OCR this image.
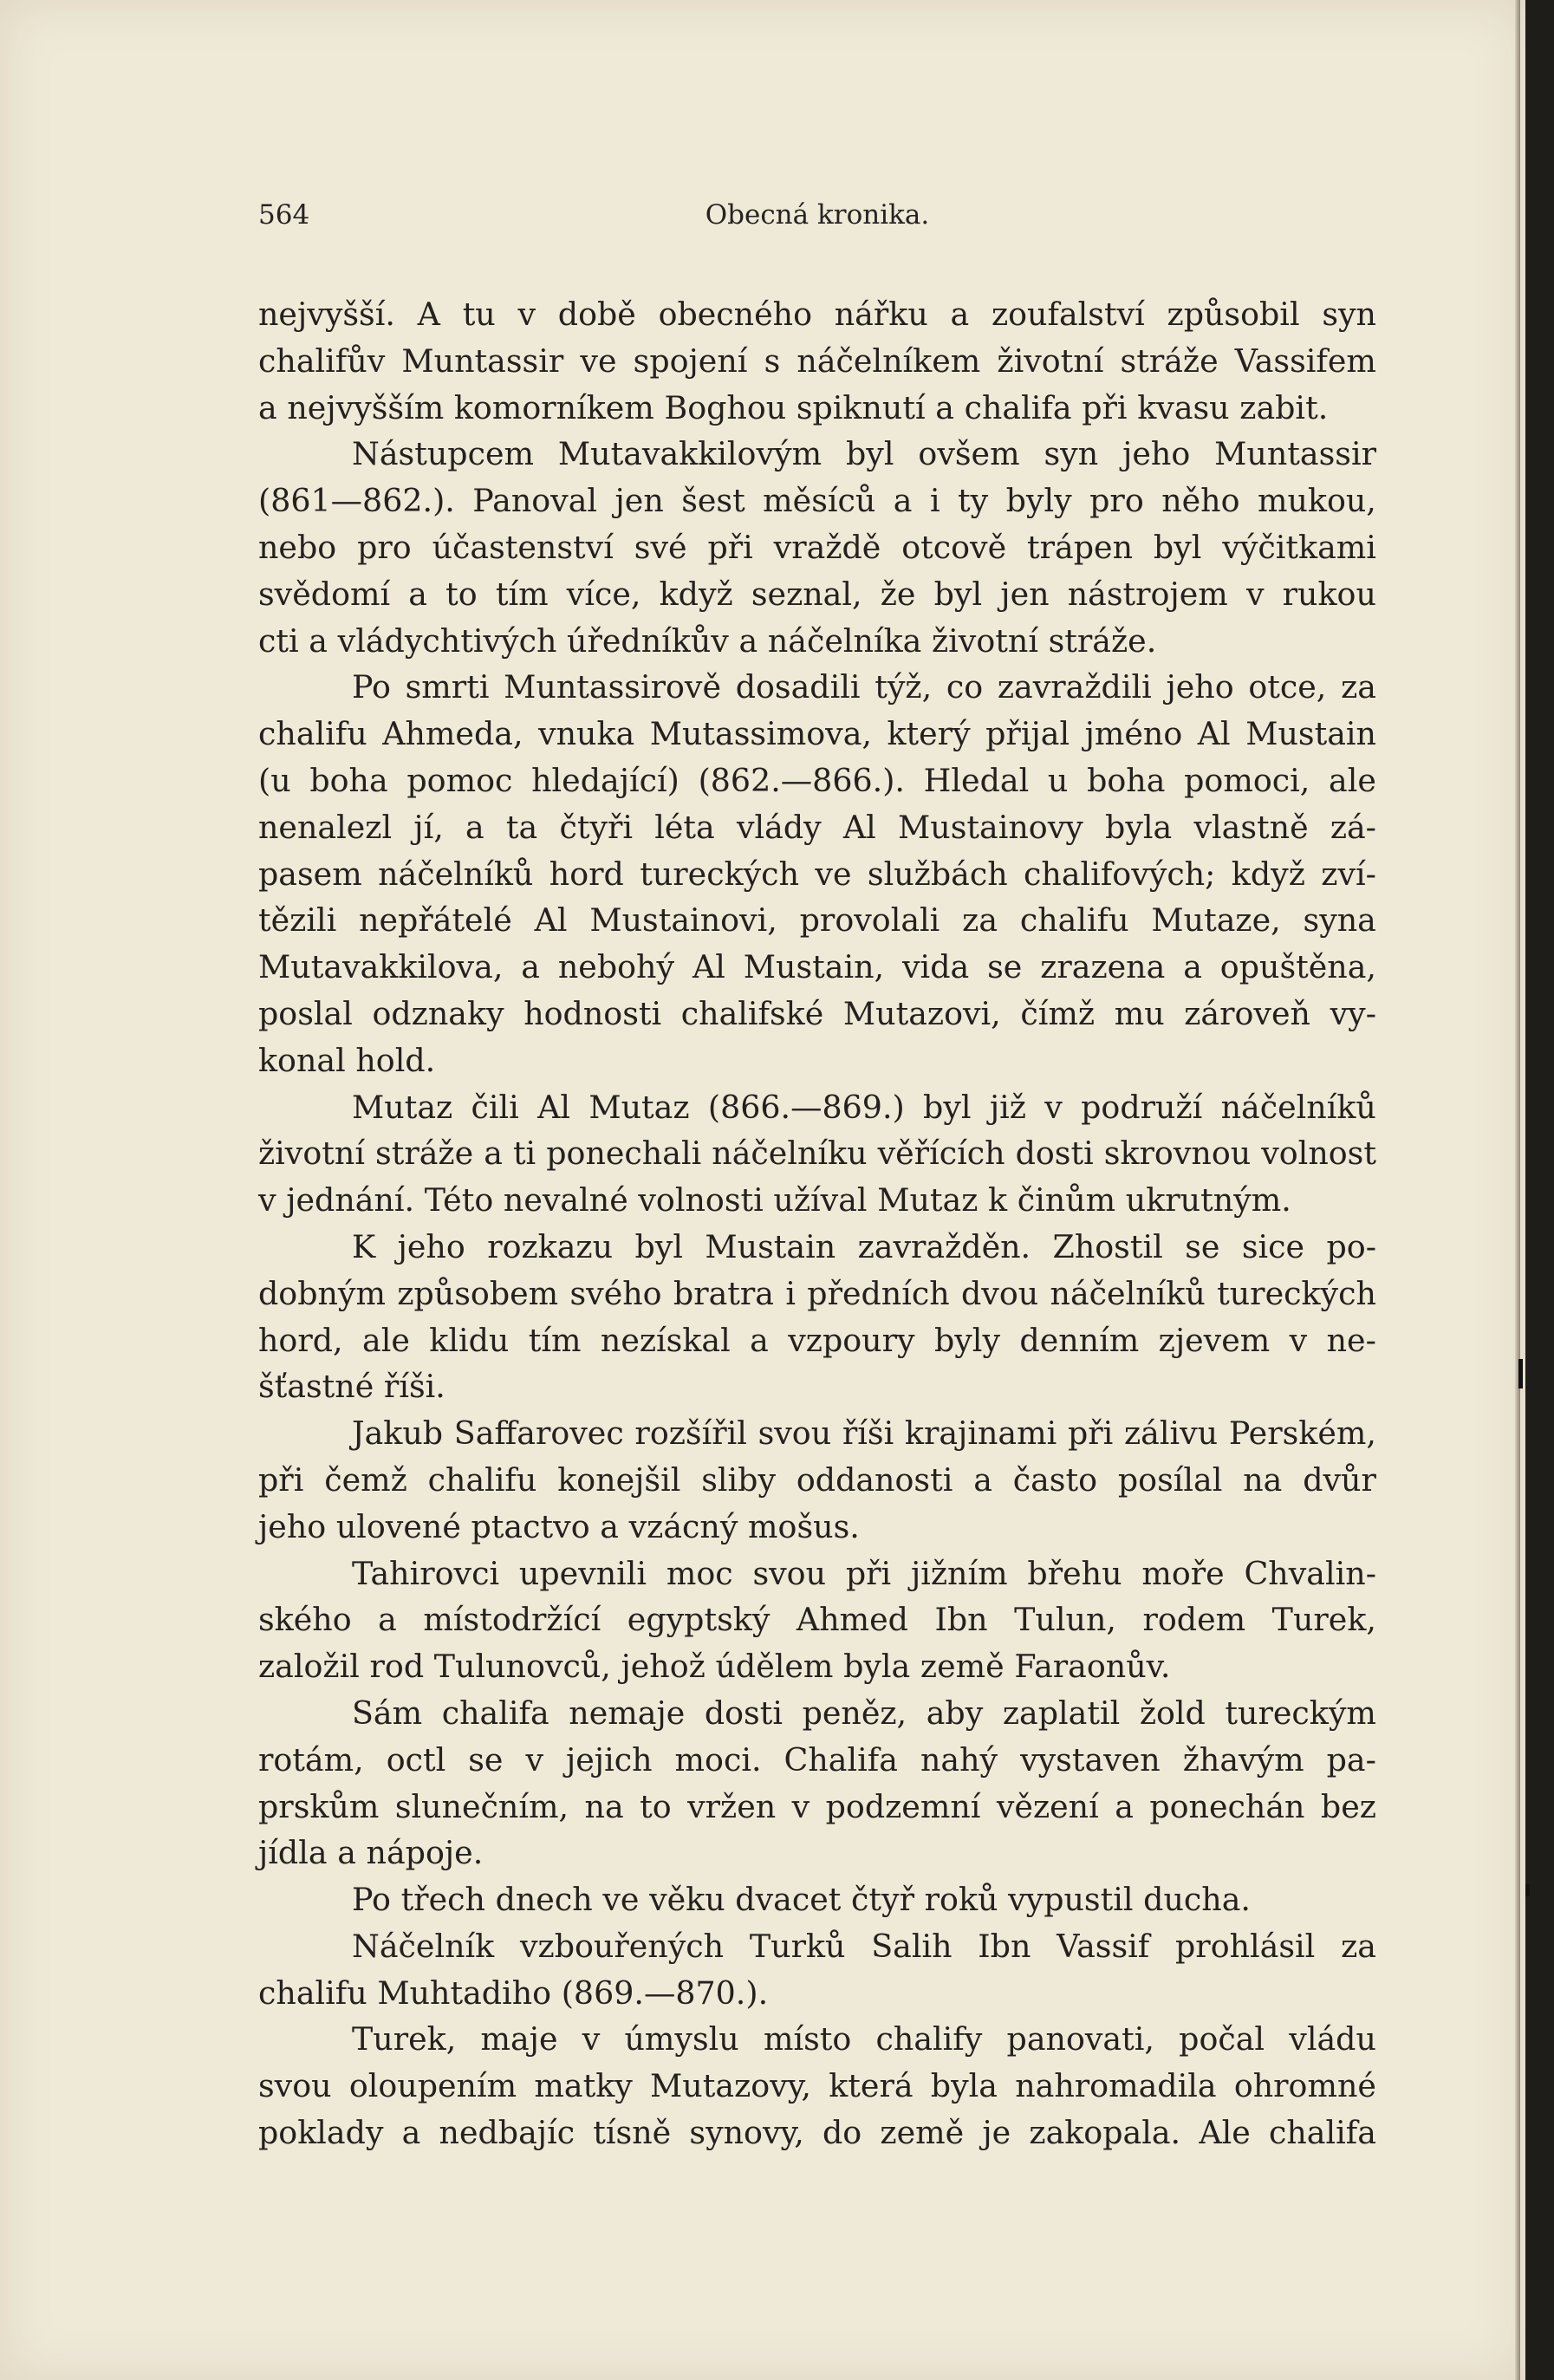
564	Obecná kronika.
nejvyšší. A tu v době obecného nářku a zoufalství způsobil syn
chalifův Muntassir ve spojení s náčelníkem životní stráže Vassifem
a nejvyšším komorníkem Boghou spiknutí a chalifa při kvasu zabit.
Nástupcem Mutavakkilovým byl ovšem syn jeho Muntassir
(861—862.). Panoval jen šest měsíců a i ty byly pro něho mukou,
nebo pro účastenství své při vraždě otcově trápen byl výčitkami
svědomí a to tím více, když seznal, že byl jen nástrojem v rukou
cti a vládychtivých úředníkův a náčelníka životní stráže.
Po smrti Muntassirově dosadili týž, co zavraždili jeho otce, za
chalifu Ahmeda, vnuka Mutassimova, který přijal jméno Al Mustain
(u boha pomoc hledající) (862.—866.). Hledal u boha pomoci, ale
nenalezl jí, a ta čtyři léta vlády Al Mustainovy byla vlastně zá-
pasem náčelníků hord tureckých ve službách chalifových; když zví-
tězili nepřátelé Al Mustainovi, provolali za chalifu Mutaze, syna
Mutavakkilova, a nebohý Al Mustain, vida se zrazena a opuštěna,
poslal odznaky hodnosti chalifské Mutazovi, čímž mu zároveň vy-
konal hold.
Mutaz čili Al Mutaz (866.—869.) byl již v podruží náčelníků
životní stráže a ti ponechali náčelníku věřících dosti skrovnou volnost
v jednání. Této nevalné volnosti užíval Mutaz k činům ukrutným.
K jeho rozkazu byl Mustain zavražděn. Zhostil se sice po-
dobným způsobem svého bratra i předních dvou náčelníků tureckých
hord, ale klidu tím nezískal a vzpoury byly denním zjevem v ne-
šťastné říši.
Jakub Saffarovec rozšířil svou říši krajinami při zálivu Perském,
při čemž chalifu konejšil sliby oddanosti a často posílal na dvůr
jeho ulovené ptactvo a vzácný mošus.
Tahirovci upevnili moc svou při jižním břehu moře Chvalin-
ského a místodržící egyptský Ahmed Ibn Tulun, rodem Turek,
založil rod Tulunovců, jehož údělem byla země Faraonův.
Sám chalifa nemaje dosti peněz, aby zaplatil žold tureckým
rotám, octl se v jejich moci. Chalifa nahý vystaven žhavým pa-
prskům slunečním, na to vržen v podzemní vězení a ponechán bez
jídla a nápoje.
Po třech dnech ve věku dvacet čtyř roků vypustil ducha.
Náčelník vzbouřených Turků Salih Ibn Vassif prohlásil za
chalifu Muhtadiho (869.—870.).
Turek, maje v úmyslu místo chalify panovati, počal vládu
svou oloupením matky Mutazovy, která byla nahromadila ohromné
poklady a nedbajíc tísně synovy, do země je zakopala. Ale chalifa
